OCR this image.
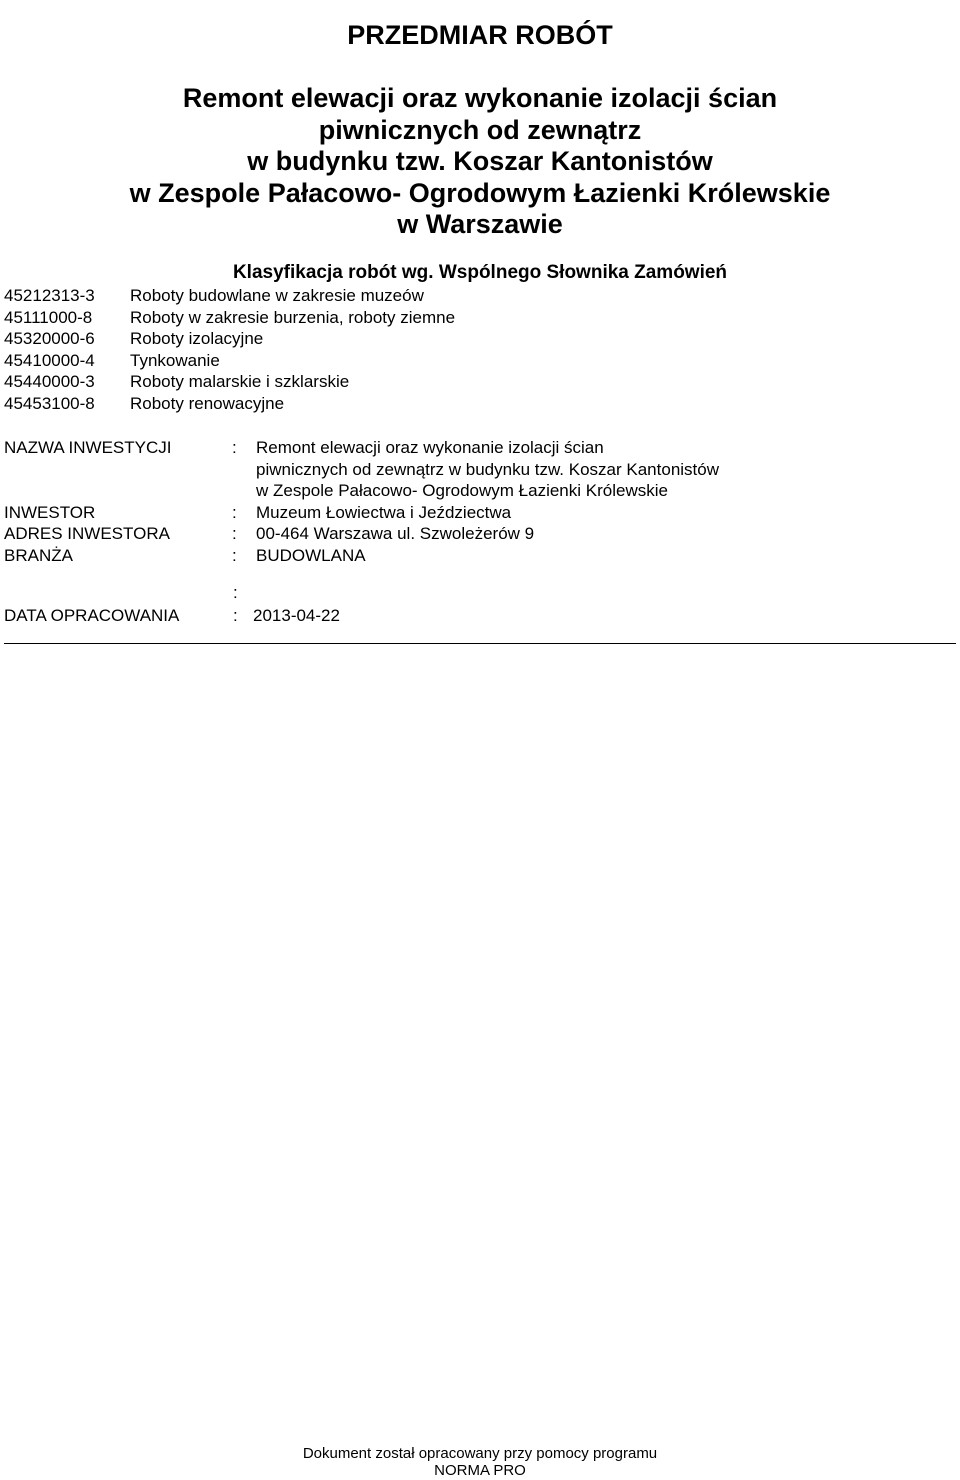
PRZEDMIAR ROBÓT
Remont elewacji oraz wykonanie izolacji ścian
piwnicznych od zewnątrz
w budynku tzw. Koszar Kantonistów
w Zespole Pałacowo- Ogrodowym Łazienki Królewskie
w Warszawie
Klasyfikacja robót wg. Wspólnego Słownika Zamówień
45212313-3	Roboty budowlane w zakresie muzeów
45111000-8	Roboty w zakresie burzenia, roboty ziemne
45320000-6	Roboty izolacyjne
45410000-4	Tynkowanie
45440000-3	Roboty malarskie i szklarskie
45453100-8	Roboty renowacyjne
NAZWA INWESTYCJI	:	Remont elewacji oraz wykonanie izolacji ścian
piwnicznych od zewnątrz w budynku tzw. Koszar Kantonistów
w Zespole Pałacowo- Ogrodowym Łazienki Królewskie
INWESTOR	:	Muzeum Łowiectwa i Jeździectwa
ADRES INWESTORA	:	00-464 Warszawa ul. Szwoleżerów 9
BRANŻA	:	BUDOWLANA
:
DATA OPRACOWANIA	: 2013-04-22
Dokument został opracowany przy pomocy programu
NORMA PRO
